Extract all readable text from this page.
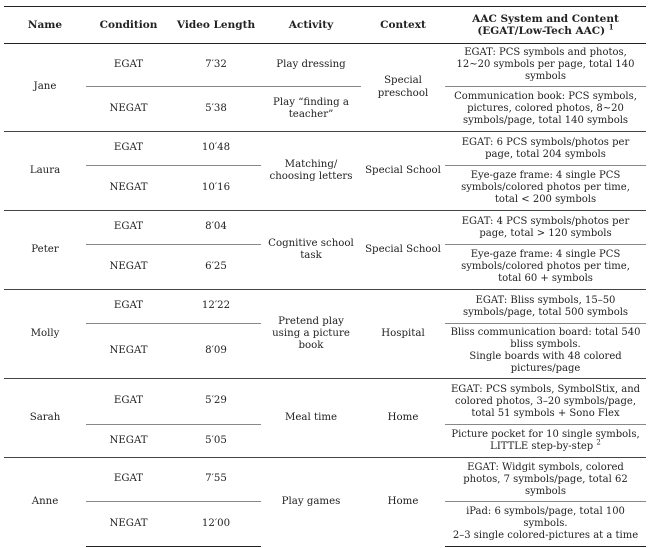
Name	Condition	Video Length	Activity	Context	AAC System and Content
(EGAT/Low-Tech AAC) $^1$

Jane	EGAT	7′32	Play dressing	Special preschool	EGAT: PCS symbols and photos, 12∼20 symbols per page, total 140 symbols
	NEGAT	5′38	Play “finding a teacher”		Communication book: PCS symbols, pictures, colored photos, 8∼20 symbols/page, total 140 symbols
Laura	EGAT	10′48	Matching/ choosing letters	Special School	EGAT: 6 PCS symbols/photos per page, total 204 symbols
	NEGAT	10′16			Eye-gaze frame: 4 single PCS symbols/colored photos per time, total < 200 symbols
Peter	EGAT	8′04	Cognitive school task	Special School	EGAT: 4 PCS symbols/photos per page, total > 120 symbols
	NEGAT	6′25			Eye-gaze frame: 4 single PCS symbols/colored photos per time, total 60 + symbols
Molly	EGAT	12′22	Pretend play using a picture book	Hospital	EGAT: Bliss symbols, 15–50 symbols/page, total 500 symbols
	NEGAT	8′09			Bliss communication board: total 540 bliss symbols.
Single boards with 48 colored pictures/page

Sarah	EGAT	5′29	Meal time	Home	EGAT: PCS symbols, SymbolStix, and colored photos, 3–20 symbols/page, total 51 symbols + Sono Flex
	NEGAT	5′05			Picture pocket for 10 single symbols, LITTLE step-by-step $^2$
Anne	EGAT	7′55	Play games	Home	EGAT: Widgit symbols, colored photos, 7 symbols/page, total 62 symbols
	NEGAT	12′00			iPad: 6 symbols/page, total 100 symbols.
2–3 single colored-pictures at a time
